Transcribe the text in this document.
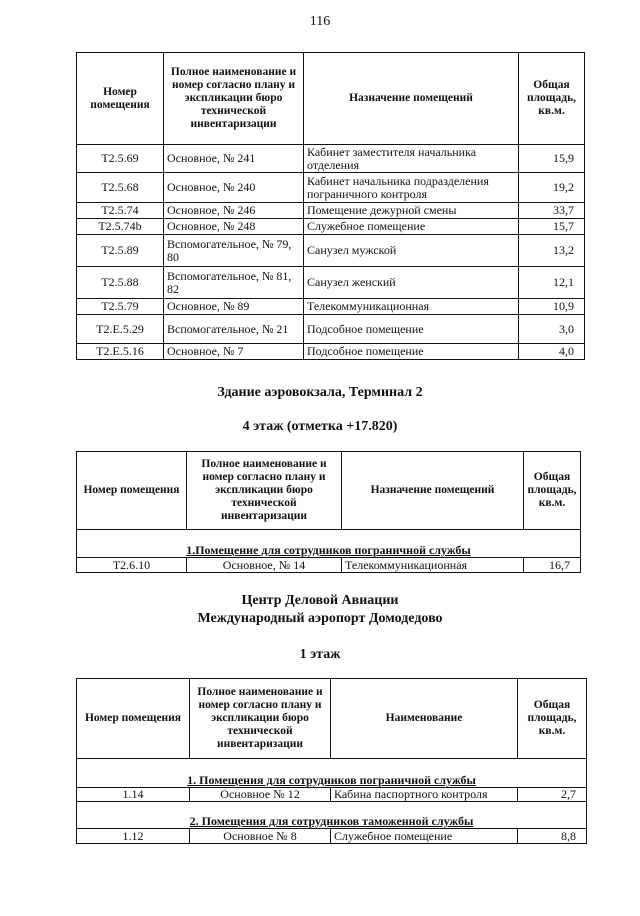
116
Номер помещения	Полное наименование и номер согласно плану и экспликации бюро технической инвентаризации	Назначение помещений	Общая площадь, кв.м.
Т2.5.69	Основное, № 241	Кабинет заместителя начальника отделения	15,9
Т2.5.68	Основное, № 240	Кабинет начальника подразделения пограничного контроля	19,2
Т2.5.74	Основное, № 246	Помещение дежурной смены	33,7
Т2.5.74b	Основное, № 248	Служебное помещение	15,7
Т2.5.89	Вспомогательное, № 79, 80	Санузел мужской	13,2
Т2.5.88	Вспомогательное, № 81, 82	Санузел женский	12,1
Т2.5.79	Основное, № 89	Телекоммуникационная	10,9
Т2.Е.5.29	Вспомогательное, № 21	Подсобное помещение	3,0
Т2.Е.5.16	Основное, № 7	Подсобное помещение	4,0
Здание аэровокзала, Терминал 2
4 этаж (отметка +17.820)
Номер помещения	Полное наименование и номер согласно плану и экспликации бюро технической инвентаризации	Назначение помещений	Общая площадь, кв.м.
1.Помещение для сотрудников пограничной службы			
Т2.6.10	Основное, № 14	Телекоммуникационная	16,7
Центр Деловой Авиации
Международный аэропорт Домодедово
1 этаж
Номер помещения	Полное наименование и номер согласно плану и экспликации бюро технической инвентаризации	Наименование	Общая площадь, кв.м.
1. Помещения для сотрудников пограничной службы			
1.14	Основное № 12	Кабина паспортного контроля	2,7
2. Помещения для сотрудников таможенной службы			
1.12	Основное № 8	Служебное помещение	8,8
